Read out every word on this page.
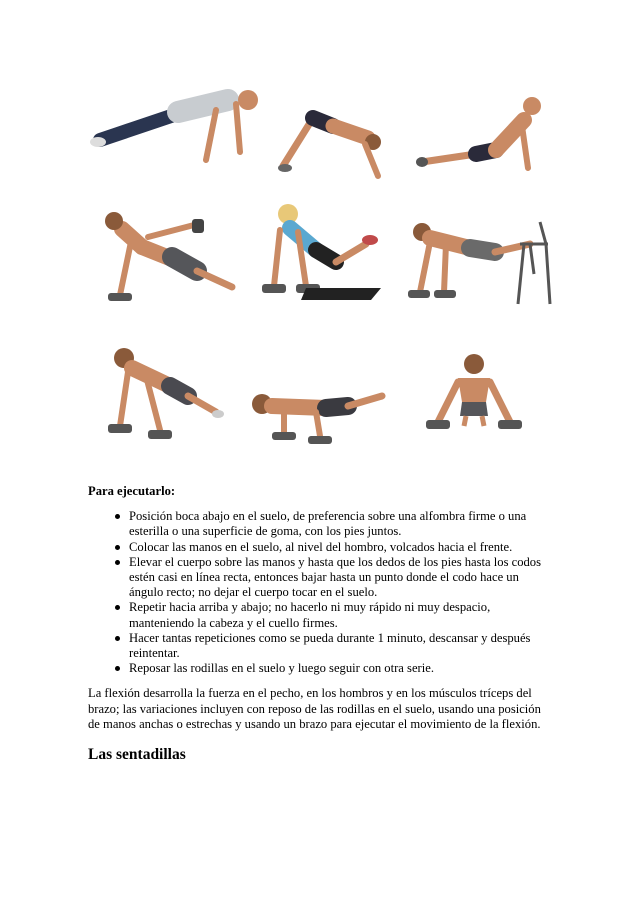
Para ejecutarlo:

Posición boca abajo en el suelo, de preferencia sobre una alfombra firme o una esterilla o una superficie de goma, con los pies juntos.
Colocar las manos en el suelo, al nivel del hombro, volcados hacia el frente.
Elevar el cuerpo sobre las manos y hasta que los dedos de los pies hasta los codos estén casi en línea recta, entonces bajar hasta un punto donde el codo hace un ángulo recto; no dejar el cuerpo tocar en el suelo.
Repetir hacia arriba y abajo; no hacerlo ni muy rápido ni muy despacio, manteniendo la cabeza y el cuello firmes.
Hacer tantas repeticiones como se pueda durante 1 minuto, descansar y después reintentar.
Reposar las rodillas en el suelo y luego seguir con otra serie.

La flexión desarrolla la fuerza en el pecho, en los hombros y en los músculos tríceps del brazo; las variaciones incluyen con reposo de las rodillas en el suelo, usando una posición de manos anchas o estrechas y usando un brazo para ejecutar el movimiento de la flexión.

Las sentadillas
